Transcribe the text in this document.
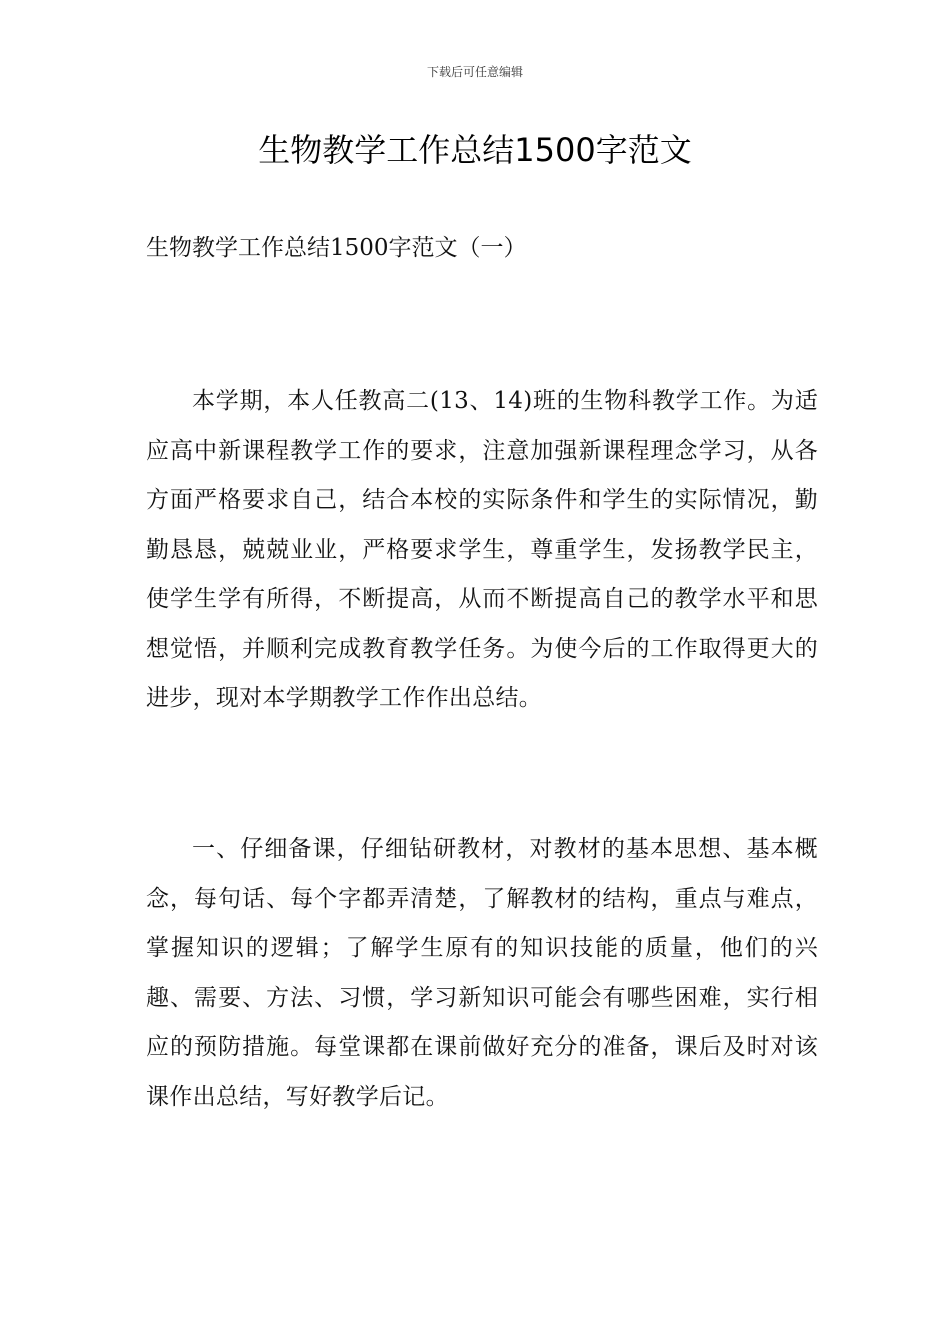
下载后可任意编辑
生物教学工作总结1500字范文

生物教学工作总结1500字范文（一）

本学期，本人任教高二(13、14)班的生物科教学工作。为适应高中新课程教学工作的要求，注意加强新课程理念学习，从各方面严格要求自己，结合本校的实际条件和学生的实际情况，勤勤恳恳，兢兢业业，严格要求学生，尊重学生，发扬教学民主，使学生学有所得，不断提高，从而不断提高自己的教学水平和思想觉悟，并顺利完成教育教学任务。为使今后的工作取得更大的进步，现对本学期教学工作作出总结。

一、仔细备课，仔细钻研教材，对教材的基本思想、基本概念，每句话、每个字都弄清楚，了解教材的结构，重点与难点，掌握知识的逻辑；了解学生原有的知识技能的质量，他们的兴趣、需要、方法、习惯，学习新知识可能会有哪些困难，实行相应的预防措施。每堂课都在课前做好充分的准备，课后及时对该课作出总结，写好教学后记。
